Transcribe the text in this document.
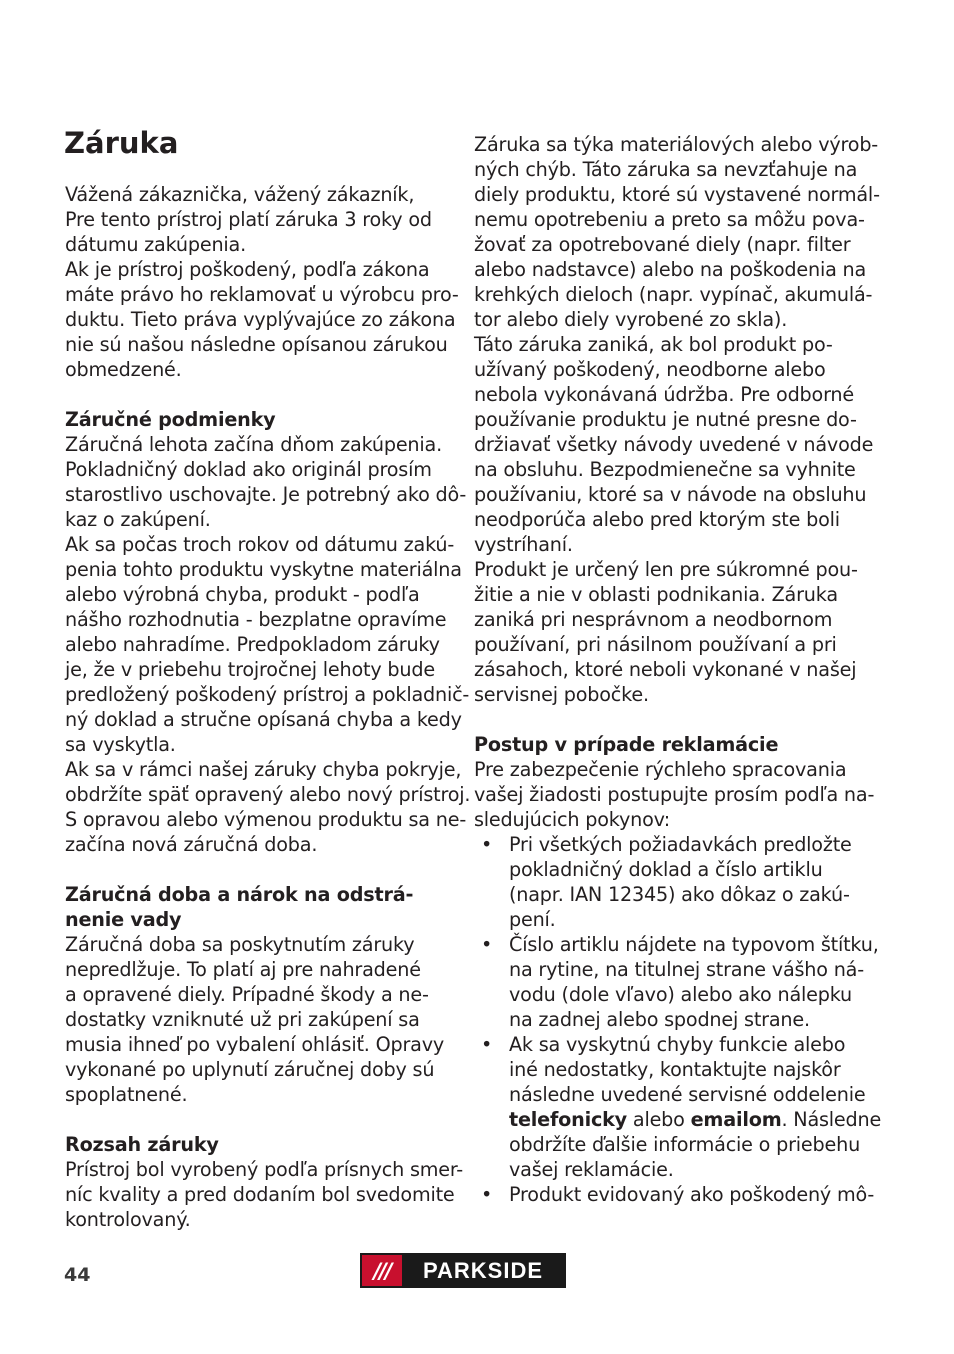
Záruka
Vážená zákaznička, vážený zákazník,
Pre tento prístroj platí záruka 3 roky od
dátumu zakúpenia.
Ak je prístroj poškodený, podľa zákona
máte právo ho reklamovať u výrobcu pro-
duktu. Tieto práva vyplývajúce zo zákona
nie sú našou následne opísanou zárukou
obmedzené.
Záručné podmienky
Záručná lehota začína dňom zakúpenia.
Pokladničný doklad ako originál prosím
starostlivo uschovajte. Je potrebný ako dô-
kaz o zakúpení.
Ak sa počas troch rokov od dátumu zakú-
penia tohto produktu vyskytne materiálna
alebo výrobná chyba, produkt - podľa
nášho rozhodnutia - bezplatne opravíme
alebo nahradíme. Predpokladom záruky
je, že v priebehu trojročnej lehoty bude
predložený poškodený prístroj a pokladnič-
ný doklad a stručne opísaná chyba a kedy
sa vyskytla.
Ak sa v rámci našej záruky chyba pokryje,
obdržíte späť opravený alebo nový prístroj.
S opravou alebo výmenou produktu sa ne-
začína nová záručná doba.
Záručná doba a nárok na odstrá-
nenie vady
Záručná doba sa poskytnutím záruky
nepredlžuje. To platí aj pre nahradené
a opravené diely. Prípadné škody a ne-
dostatky vzniknuté už pri zakúpení sa
musia ihneď po vybalení ohlásiť. Opravy
vykonané po uplynutí záručnej doby sú
spoplatnené.
Rozsah záruky
Prístroj bol vyrobený podľa prísnych smer-
níc kvality a pred dodaním bol svedomite
kontrolovaný.
Záruka sa týka materiálových alebo výrob-
ných chýb. Táto záruka sa nevzťahuje na
diely produktu, ktoré sú vystavené normál-
nemu opotrebeniu a preto sa môžu pova-
žovať za opotrebované diely (napr. filter
alebo nadstavce) alebo na poškodenia na
krehkých dieloch (napr. vypínač, akumulá-
tor alebo diely vyrobené zo skla).
Táto záruka zaniká, ak bol produkt po-
užívaný poškodený, neodborne alebo
nebola vykonávaná údržba. Pre odborné
používanie produktu je nutné presne do-
držiavať všetky návody uvedené v návode
na obsluhu. Bezpodmienečne sa vyhnite
používaniu, ktoré sa v návode na obsluhu
neodporúča alebo pred ktorým ste boli
vystríhaní.
Produkt je určený len pre súkromné pou-
žitie a nie v oblasti podnikania. Záruka
zaniká pri nesprávnom a neodbornom
používaní, pri násilnom používaní a pri
zásahoch, ktoré neboli vykonané v našej
servisnej pobočke.
Postup v prípade reklamácie
Pre zabezpečenie rýchleho spracovania
vašej žiadosti postupujte prosím podľa na-
sledujúcich pokynov:
• Pri všetkých požiadavkách predložte
pokladničný doklad a číslo artiklu
(napr. IAN 12345) ako dôkaz o zakú-
pení.
• Číslo artiklu nájdete na typovom štítku,
na rytine, na titulnej strane vášho ná-
vodu (dole vľavo) alebo ako nálepku
na zadnej alebo spodnej strane.
• Ak sa vyskytnú chyby funkcie alebo
iné nedostatky, kontaktujte najskôr
následne uvedené servisné oddelenie
telefonicky alebo emailom. Následne
obdržíte ďalšie informácie o priebehu
vašej reklamácie.
• Produkt evidovaný ako poškodený mô-
44	///	PARKSIDE
